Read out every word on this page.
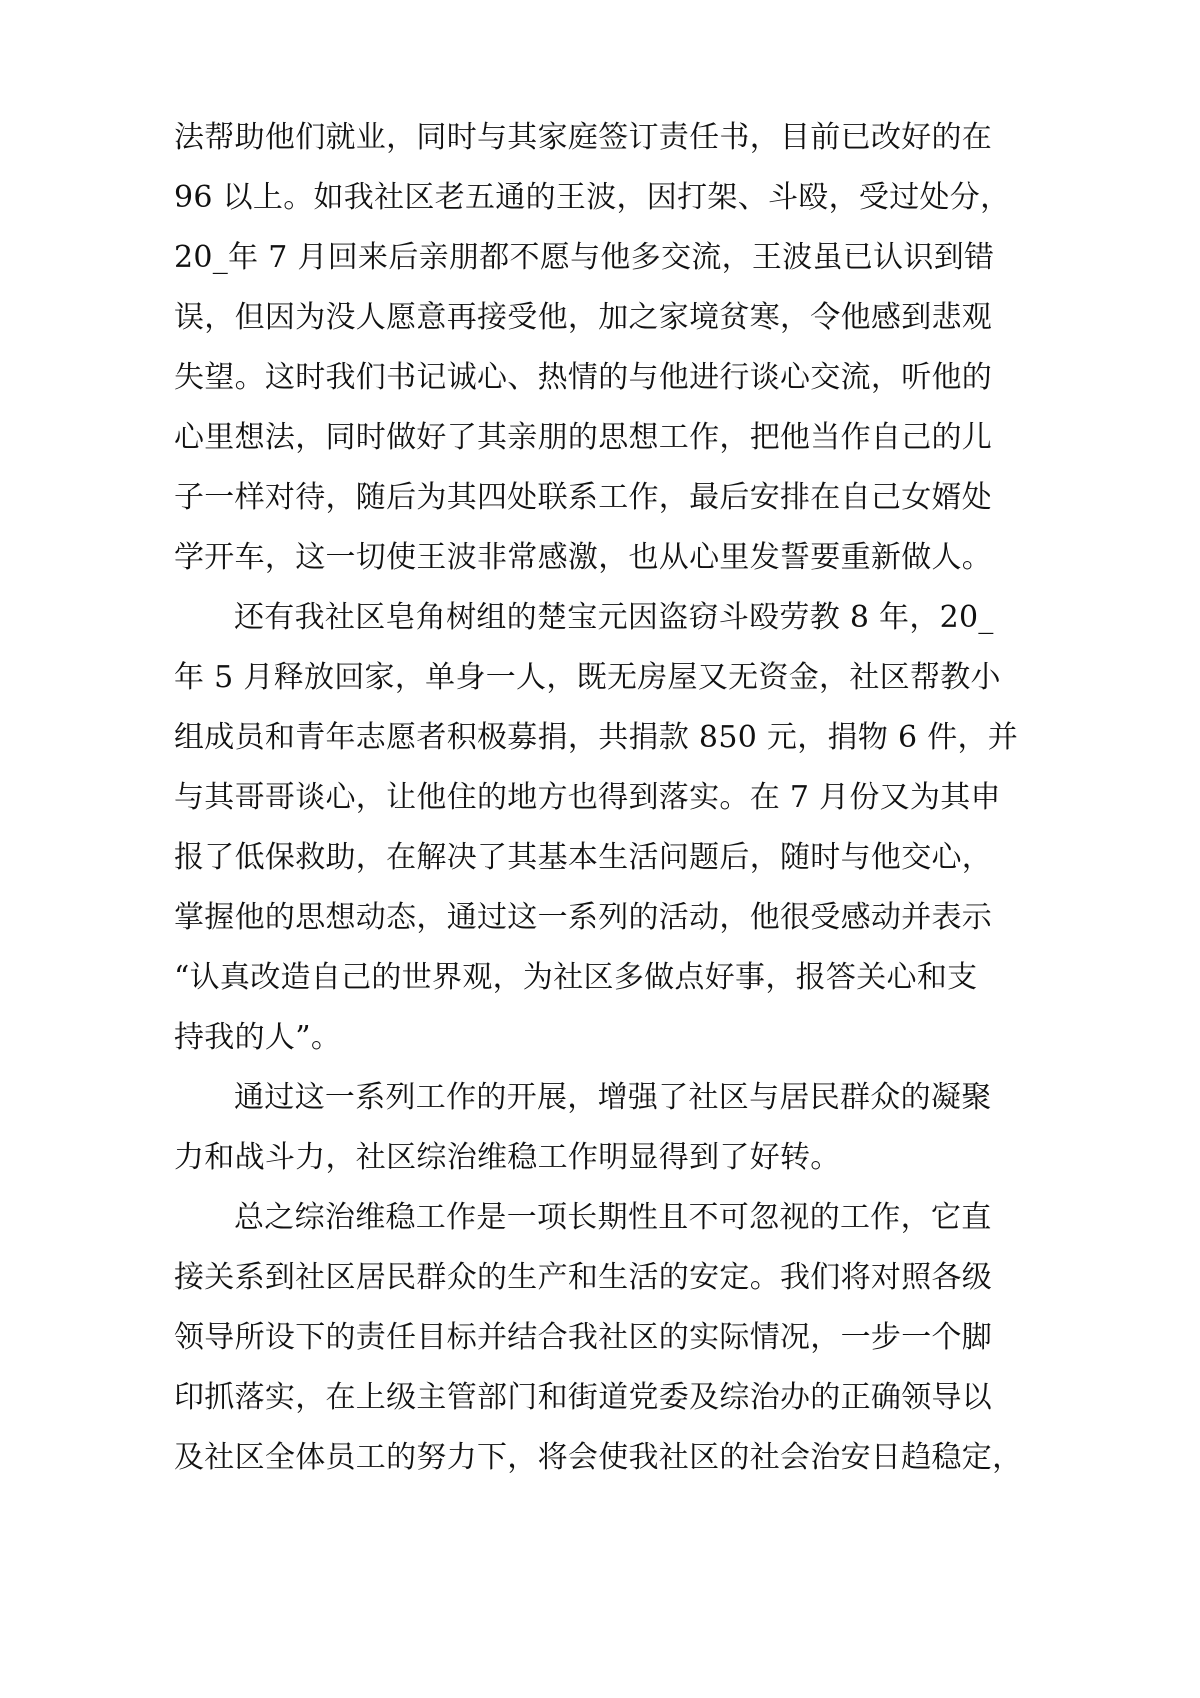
法帮助他们就业，同时与其家庭签订责任书，目前已改好的在
96 以上。如我社区老五通的王波，因打架、斗殴，受过处分，
20_年 7 月回来后亲朋都不愿与他多交流，王波虽已认识到错
误，但因为没人愿意再接受他，加之家境贫寒，令他感到悲观
失望。这时我们书记诚心、热情的与他进行谈心交流，听他的
心里想法，同时做好了其亲朋的思想工作，把他当作自己的儿
子一样对待，随后为其四处联系工作，最后安排在自己女婿处
学开车，这一切使王波非常感激，也从心里发誓要重新做人。
还有我社区皂角树组的楚宝元因盗窃斗殴劳教 8 年，20_
年 5 月释放回家，单身一人，既无房屋又无资金，社区帮教小
组成员和青年志愿者积极募捐，共捐款 850 元，捐物 6 件，并
与其哥哥谈心，让他住的地方也得到落实。在 7 月份又为其申
报了低保救助，在解决了其基本生活问题后，随时与他交心，
掌握他的思想动态，通过这一系列的活动，他很受感动并表示
“认真改造自己的世界观，为社区多做点好事，报答关心和支
持我的人”。
通过这一系列工作的开展，增强了社区与居民群众的凝聚
力和战斗力，社区综治维稳工作明显得到了好转。
总之综治维稳工作是一项长期性且不可忽视的工作，它直
接关系到社区居民群众的生产和生活的安定。我们将对照各级
领导所设下的责任目标并结合我社区的实际情况，一步一个脚
印抓落实，在上级主管部门和街道党委及综治办的正确领导以
及社区全体员工的努力下，将会使我社区的社会治安日趋稳定，
